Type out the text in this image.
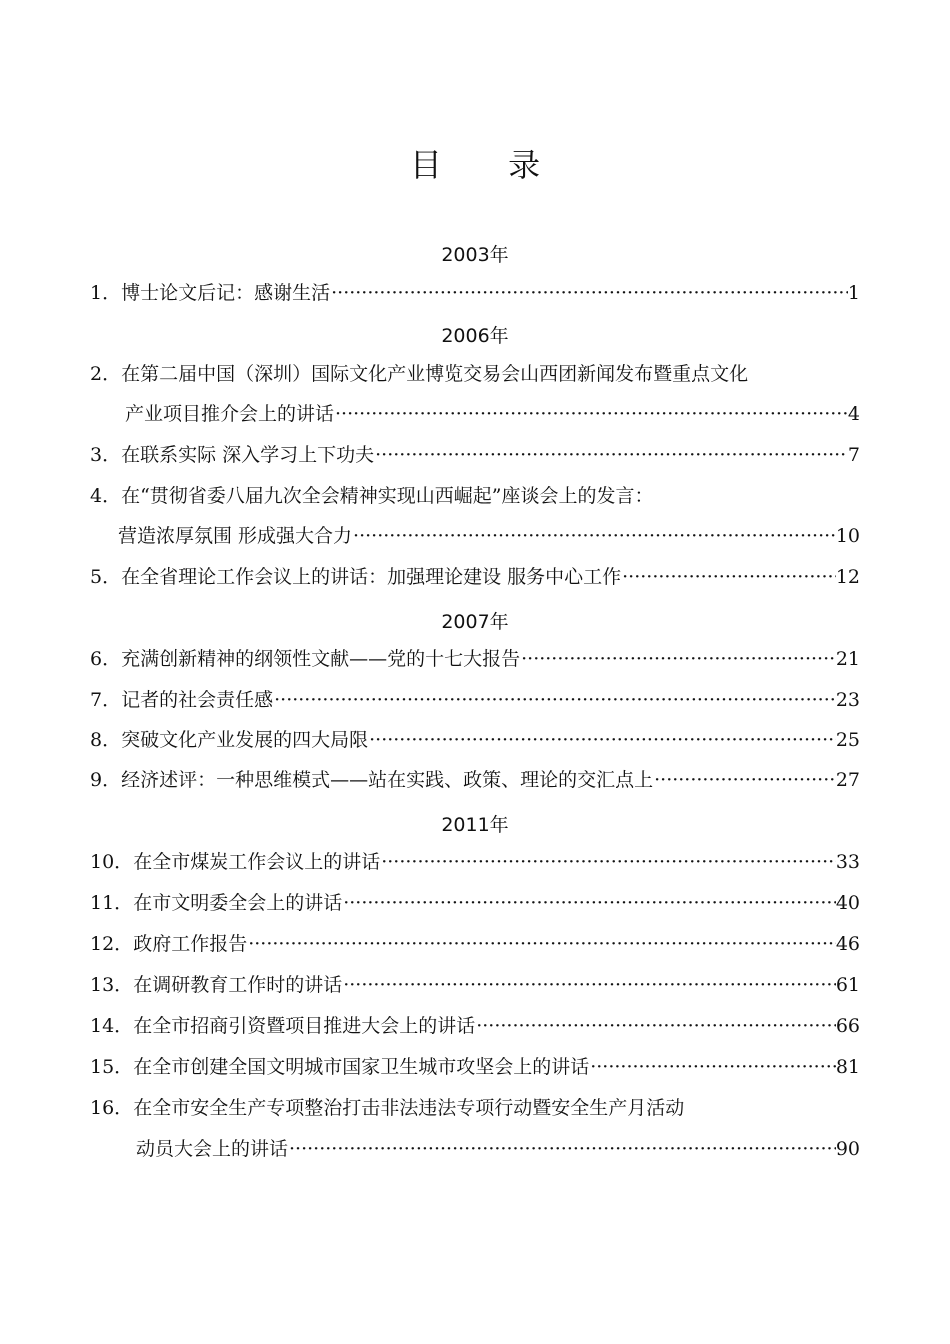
目 录
2003年
1． 博士论文后记：感谢生活 ·····	1
2006年
2． 在第二届中国（深圳）国际文化产业博览交易会山西团新闻发布暨重点文化
产业项目推介会上的讲话 ·····	4
3． 在联系实际 深入学习上下功夫 ·····	7
4． 在“贯彻省委八届九次全会精神实现山西崛起”座谈会上的发言：
营造浓厚氛围 形成强大合力 ·····	10
5． 在全省理论工作会议上的讲话：加强理论建设 服务中心工作 ·····	12
2007年
6． 充满创新精神的纲领性文献——党的十七大报告 ·····	21
7． 记者的社会责任感 ·····	23
8． 突破文化产业发展的四大局限 ·····	25
9． 经济述评：一种思维模式——站在实践、政策、理论的交汇点上 ·····	27
2011年
10． 在全市煤炭工作会议上的讲话 ·····	33
11． 在市文明委全会上的讲话 ·····	40
12． 政府工作报告 ·····	46
13． 在调研教育工作时的讲话 ·····	61
14． 在全市招商引资暨项目推进大会上的讲话 ·····	66
15． 在全市创建全国文明城市国家卫生城市攻坚会上的讲话 ·····	81
16． 在全市安全生产专项整治打击非法违法专项行动暨安全生产月活动
动员大会上的讲话 ·····	90
